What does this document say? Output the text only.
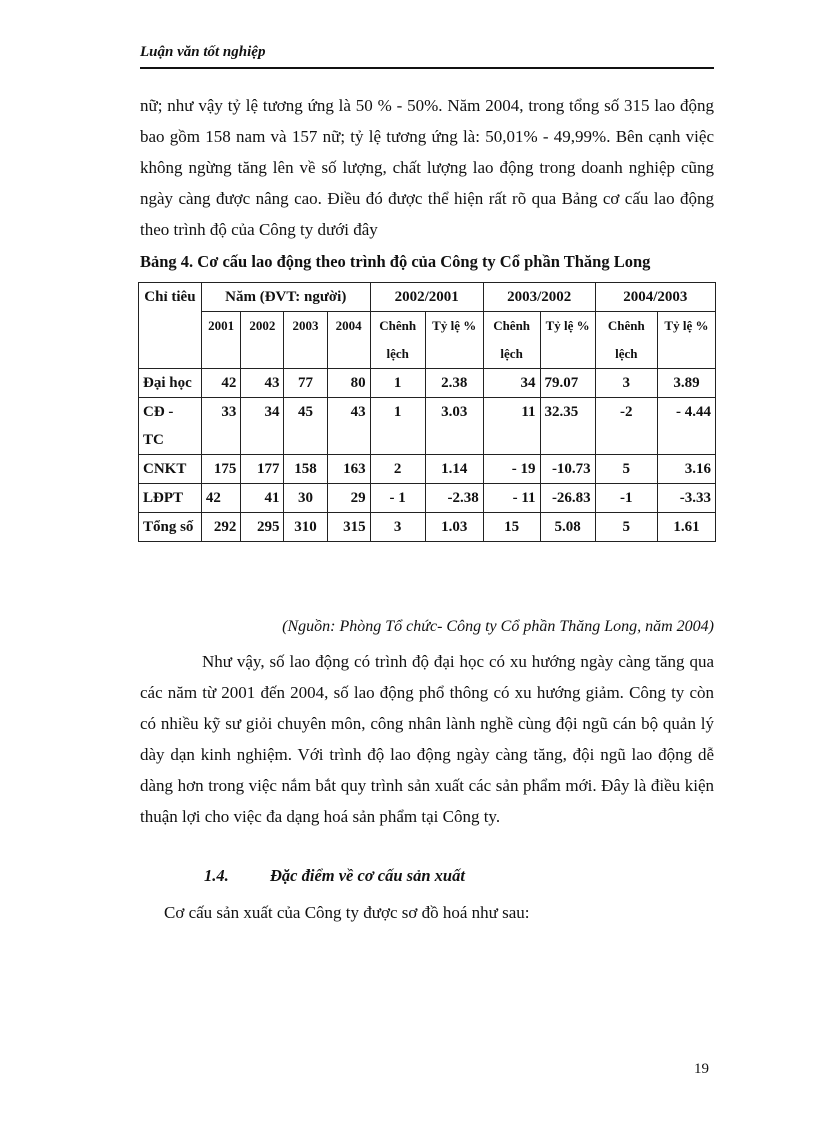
Luận văn tốt nghiệp
nữ; như vậy tỷ lệ tương ứng là 50 % - 50%. Năm 2004, trong tổng số 315 lao động bao gồm 158 nam và 157 nữ; tỷ lệ tương ứng là: 50,01% - 49,99%. Bên cạnh việc không ngừng tăng lên về số lượng, chất lượng lao động trong doanh nghiệp cũng ngày càng được nâng cao. Điều đó được thể hiện rất rõ qua Bảng cơ cấu lao động theo trình độ của Công ty dưới đây
Bảng 4. Cơ cấu lao động theo trình độ của Công ty Cổ phần Thăng Long
Chỉ tiêu	Năm (ĐVT: người)				2002/2001		2003/2002		2004/2003	
	2001	2002	2003	2004	Chênh lệch	Tỷ lệ %	Chênh lệch	Tỷ lệ %	Chênh lệch	Tỷ lệ %
Đại học	42	43	77	80	1	2.38	34	79.07	3	3.89
CĐ - TC	33	34	45	43	1	3.03	11	32.35	-2	- 4.44
CNKT	175	177	158	163	2	1.14	- 19	-10.73	5	3.16
LĐPT	42	41	30	29	- 1	-2.38	- 11	-26.83	-1	-3.33
Tổng số	292	295	310	315	3	1.03	15	5.08	5	1.61
(Nguồn: Phòng Tổ chức- Công ty Cổ phần Thăng Long, năm 2004)
Như vậy, số lao động có trình độ đại học có xu hướng ngày càng tăng qua các năm từ 2001 đến 2004, số lao động phổ thông có xu hướng giảm. Công ty còn có nhiều kỹ sư giỏi chuyên môn, công nhân lành nghề cùng đội ngũ cán bộ quản lý dày dạn kinh nghiệm. Với trình độ lao động ngày càng tăng, đội ngũ lao động dễ dàng hơn trong việc nắm bắt quy trình sản xuất các sản phẩm mới. Đây là điều kiện thuận lợi cho việc đa dạng hoá sản phẩm tại Công ty.
1.4.	Đặc điểm về cơ cấu sản xuất
Cơ cấu sản xuất của Công ty được sơ đồ hoá như sau:
19
